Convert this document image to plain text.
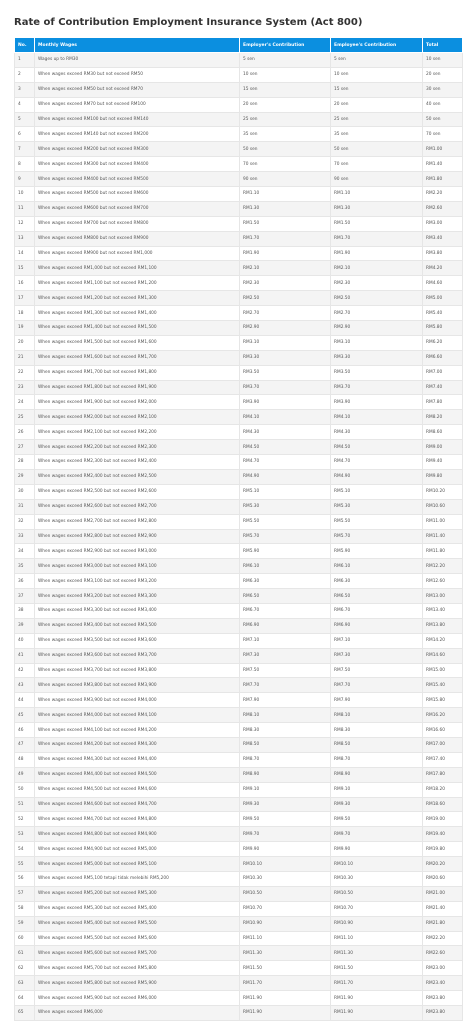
Rate of Contribution Employment Insurance System (Act 800)
No.	Monthly Wages	Employer's Contribution	Employee's Contribution	Total
1	Wages up to RM30	5 sen	5 sen	10 sen
2	When wages exceed RM30 but not exceed RM50	10 sen	10 sen	20 sen
3	When wages exceed RM50 but not exceed RM70	15 sen	15 sen	30 sen
4	When wages exceed RM70 but not exceed RM100	20 sen	20 sen	40 sen
5	When wages exceed RM100 but not exceed RM140	25 sen	25 sen	50 sen
6	When wages exceed RM140 but not exceed RM200	35 sen	35 sen	70 sen
7	When wages exceed RM200 but not exceed RM300	50 sen	50 sen	RM1.00
8	When wages exceed RM300 but not exceed RM400	70 sen	70 sen	RM1.40
9	When wages exceed RM400 but not exceed RM500	90 sen	90 sen	RM1.80
10	When wages exceed RM500 but not exceed RM600	RM1.10	RM1.10	RM2.20
11	When wages exceed RM600 but not exceed RM700	RM1.30	RM1.30	RM2.60
12	When wages exceed RM700 but not exceed RM800	RM1.50	RM1.50	RM3.00
13	When wages exceed RM800 but not exceed RM900	RM1.70	RM1.70	RM3.40
14	When wages exceed RM900 but not exceed RM1,000	RM1.90	RM1.90	RM3.80
15	When wages exceed RM1,000 but not exceed RM1,100	RM2.10	RM2.10	RM4.20
16	When wages exceed RM1,100 but not exceed RM1,200	RM2.30	RM2.30	RM4.60
17	When wages exceed RM1,200 but not exceed RM1,300	RM2.50	RM2.50	RM5.00
18	When wages exceed RM1,300 but not exceed RM1,400	RM2.70	RM2.70	RM5.40
19	When wages exceed RM1,400 but not exceed RM1,500	RM2.90	RM2.90	RM5.80
20	When wages exceed RM1,500 but not exceed RM1,600	RM3.10	RM3.10	RM6.20
21	When wages exceed RM1,600 but not exceed RM1,700	RM3.30	RM3.30	RM6.60
22	When wages exceed RM1,700 but not exceed RM1,800	RM3.50	RM3.50	RM7.00
23	When wages exceed RM1,800 but not exceed RM1,900	RM3.70	RM3.70	RM7.40
24	When wages exceed RM1,900 but not exceed RM2,000	RM3.90	RM3.90	RM7.80
25	When wages exceed RM2,000 but not exceed RM2,100	RM4.10	RM4.10	RM8.20
26	When wages exceed RM2,100 but not exceed RM2,200	RM4.30	RM4.30	RM8.60
27	When wages exceed RM2,200 but not exceed RM2,300	RM4.50	RM4.50	RM9.00
28	When wages exceed RM2,300 but not exceed RM2,400	RM4.70	RM4.70	RM9.40
29	When wages exceed RM2,400 but not exceed RM2,500	RM4.90	RM4.90	RM9.80
30	When wages exceed RM2,500 but not exceed RM2,600	RM5.10	RM5.10	RM10.20
31	When wages exceed RM2,600 but not exceed RM2,700	RM5.30	RM5.30	RM10.60
32	When wages exceed RM2,700 but not exceed RM2,800	RM5.50	RM5.50	RM11.00
33	When wages exceed RM2,800 but not exceed RM2,900	RM5.70	RM5.70	RM11.40
34	When wages exceed RM2,900 but not exceed RM3,000	RM5.90	RM5.90	RM11.80
35	When wages exceed RM3,000 but not exceed RM3,100	RM6.10	RM6.10	RM12.20
36	When wages exceed RM3,100 but not exceed RM3,200	RM6.30	RM6.30	RM12.60
37	When wages exceed RM3,200 but not exceed RM3,300	RM6.50	RM6.50	RM13.00
38	When wages exceed RM3,300 but not exceed RM3,400	RM6.70	RM6.70	RM13.40
39	When wages exceed RM3,400 but not exceed RM3,500	RM6.90	RM6.90	RM13.80
40	When wages exceed RM3,500 but not exceed RM3,600	RM7.10	RM7.10	RM14.20
41	When wages exceed RM3,600 but not exceed RM3,700	RM7.30	RM7.30	RM14.60
42	When wages exceed RM3,700 but not exceed RM3,800	RM7.50	RM7.50	RM15.00
43	When wages exceed RM3,800 but not exceed RM3,900	RM7.70	RM7.70	RM15.40
44	When wages exceed RM3,900 but not exceed RM4,000	RM7.90	RM7.90	RM15.80
45	When wages exceed RM4,000 but not exceed RM4,100	RM8.10	RM8.10	RM16.20
46	When wages exceed RM4,100 but not exceed RM4,200	RM8.30	RM8.30	RM16.60
47	When wages exceed RM4,200 but not exceed RM4,300	RM8.50	RM8.50	RM17.00
48	When wages exceed RM4,300 but not exceed RM4,400	RM8.70	RM8.70	RM17.40
49	When wages exceed RM4,400 but not exceed RM4,500	RM8.90	RM8.90	RM17.80
50	When wages exceed RM4,500 but not exceed RM4,600	RM9.10	RM9.10	RM18.20
51	When wages exceed RM4,600 but not exceed RM4,700	RM9.30	RM9.30	RM18.60
52	When wages exceed RM4,700 but not exceed RM4,800	RM9.50	RM9.50	RM19.00
53	When wages exceed RM4,800 but not exceed RM4,900	RM9.70	RM9.70	RM19.40
54	When wages exceed RM4,900 but not exceed RM5,000	RM9.90	RM9.90	RM19.80
55	When wages exceed RM5,000 but not exceed RM5,100	RM10.10	RM10.10	RM20.20
56	When wages exceed RM5,100 tetapi tidak melebihi RM5,200	RM10.30	RM10.30	RM20.60
57	When wages exceed RM5,200 but not exceed RM5,300	RM10.50	RM10.50	RM21.00
58	When wages exceed RM5,300 but not exceed RM5,400	RM10.70	RM10.70	RM21.40
59	When wages exceed RM5,400 but not exceed RM5,500	RM10.90	RM10.90	RM21.80
60	When wages exceed RM5,500 but not exceed RM5,600	RM11.10	RM11.10	RM22.20
61	When wages exceed RM5,600 but not exceed RM5,700	RM11.30	RM11.30	RM22.60
62	When wages exceed RM5,700 but not exceed RM5,800	RM11.50	RM11.50	RM23.00
63	When wages exceed RM5,800 but not exceed RM5,900	RM11.70	RM11.70	RM23.40
64	When wages exceed RM5,900 but not exceed RM6,000	RM11.90	RM11.90	RM23.80
65	When wages exceed RM6,000	RM11.90	RM11.90	RM23.80
